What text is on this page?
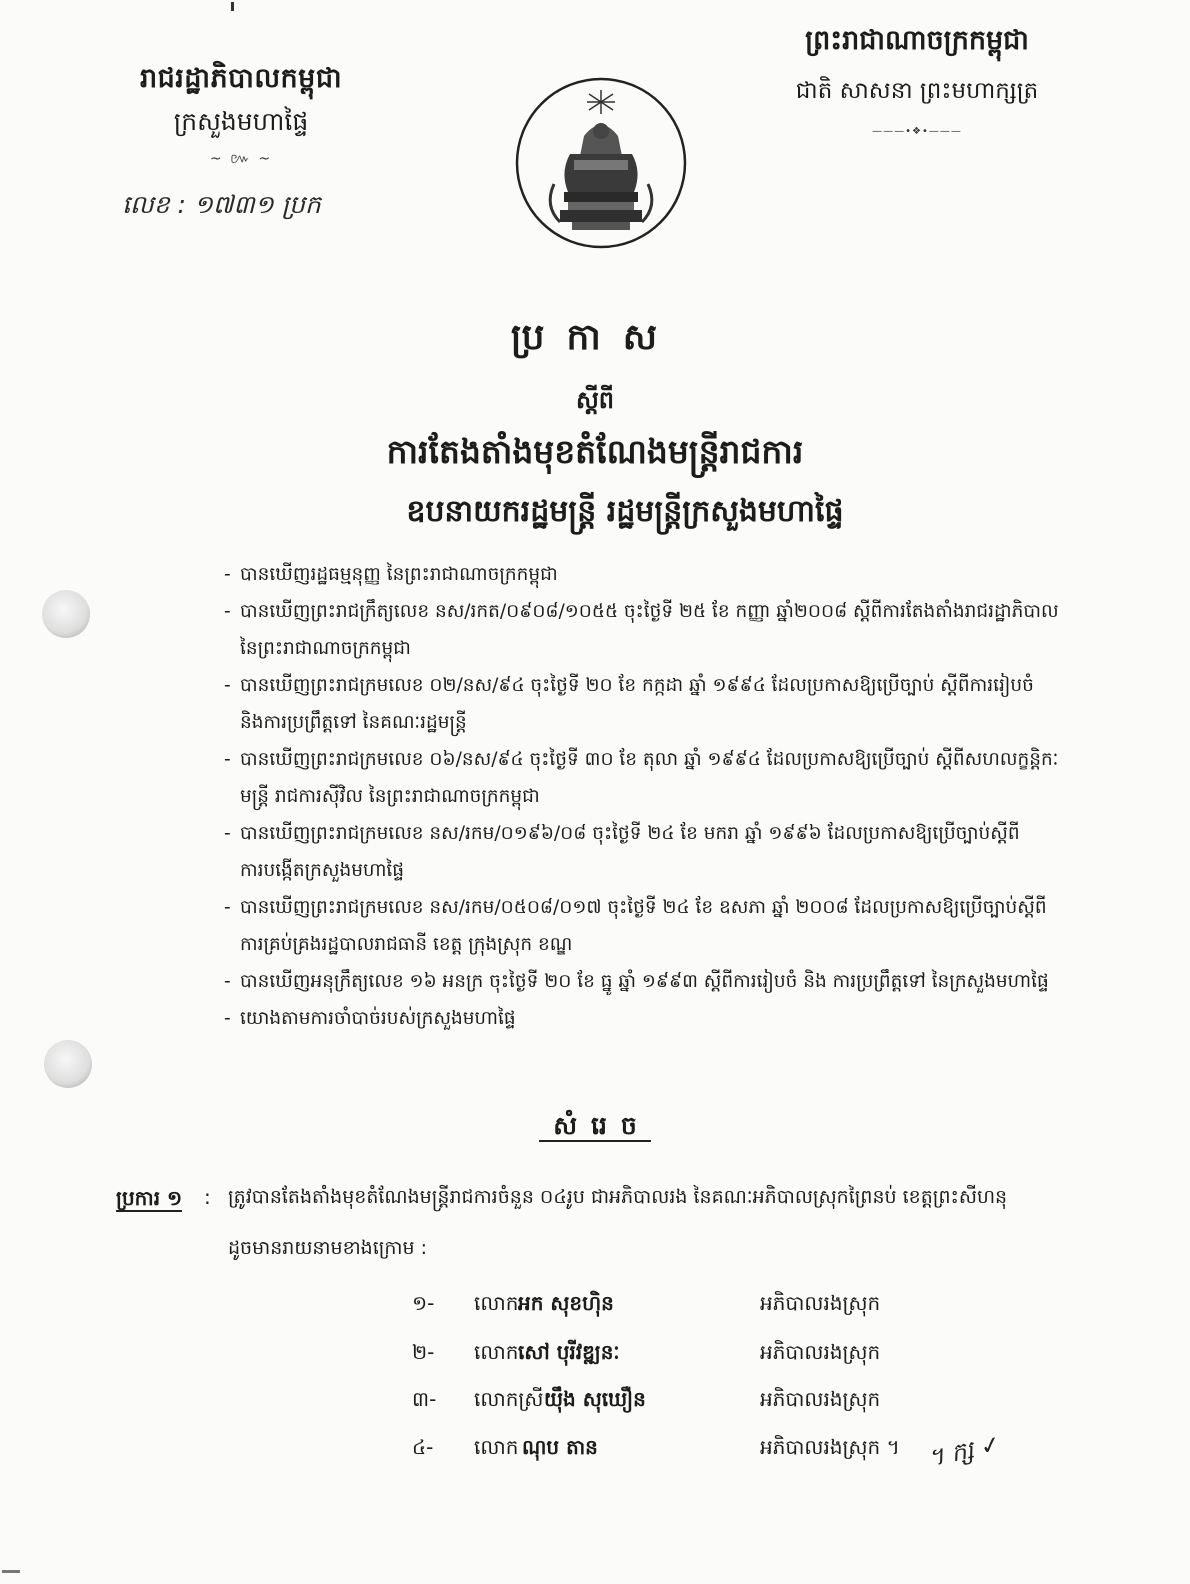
រាជរដ្ឋាភិបាលកម្ពុជា
ក្រសួងមហាផ្ទៃ
~ ៚ ~
លេខ : ១៧៣១ ប្រក
ព្រះរាជាណាចក្រកម្ពុជា
ជាតិ សាសនា ព្រះមហាក្សត្រ
———•❖•———
ប្រកាស
ស្ដីពី
ការតែងតាំងមុខតំណែងមន្ត្រីរាជការ
ឧបនាយករដ្ឋមន្ត្រី រដ្ឋមន្ត្រីក្រសួងមហាផ្ទៃ
- បានឃើញរដ្ឋធម្មនុញ្ញ នៃព្រះរាជាណាចក្រកម្ពុជា
- បានឃើញព្រះរាជក្រឹត្យលេខ នស/រកត/០៩០៨/១០៥៥ ចុះថ្ងៃទី ២៥ ខែ កញ្ញា ឆ្នាំ២០០៨ ស្ដីពីការតែងតាំងរាជរដ្ឋាភិបាល
នៃព្រះរាជាណាចក្រកម្ពុជា
- បានឃើញព្រះរាជក្រមលេខ ០២/នស/៩៤ ចុះថ្ងៃទី ២០ ខែ កក្កដា ឆ្នាំ ១៩៩៤ ដែលប្រកាសឱ្យប្រើច្បាប់ ស្ដីពីការរៀបចំ
និងការប្រព្រឹត្តទៅ នៃគណៈរដ្ឋមន្ត្រី
- បានឃើញព្រះរាជក្រមលេខ ០៦/នស/៩៤ ចុះថ្ងៃទី ៣០ ខែ តុលា ឆ្នាំ ១៩៩៤ ដែលប្រកាសឱ្យប្រើច្បាប់ ស្ដីពីសហលក្ខន្តិកៈ
មន្ត្រី រាជការស៊ីវិល នៃព្រះរាជាណាចក្រកម្ពុជា
- បានឃើញព្រះរាជក្រមលេខ នស/រកម/០១៩៦/០៨ ចុះថ្ងៃទី ២៤ ខែ មករា ឆ្នាំ ១៩៩៦ ដែលប្រកាសឱ្យប្រើច្បាប់ស្ដីពី
ការបង្កើតក្រសួងមហាផ្ទៃ
- បានឃើញព្រះរាជក្រមលេខ នស/រកម/០៥០៨/០១៧ ចុះថ្ងៃទី ២៤ ខែ ឧសភា ឆ្នាំ ២០០៨ ដែលប្រកាសឱ្យប្រើច្បាប់ស្ដីពី
ការគ្រប់គ្រងរដ្ឋបាលរាជធានី ខេត្ត ក្រុងស្រុក ខណ្ឌ
- បានឃើញអនុក្រឹត្យលេខ ១៦ អនក្រ ចុះថ្ងៃទី ២០ ខែ ធ្នូ ឆ្នាំ ១៩៩៣ ស្ដីពីការរៀបចំ និង ការប្រព្រឹត្តទៅ នៃក្រសួងមហាផ្ទៃ
- យោងតាមការចាំបាច់របស់ក្រសួងមហាផ្ទៃ
សំរេច
ប្រការ ១ : ត្រូវបានតែងតាំងមុខតំណែងមន្ត្រីរាជការចំនួន ០៤រូប ជាអភិបាលរង នៃគណៈអភិបាលស្រុកព្រៃនប់ ខេត្តព្រះសីហនុ
ដូចមានរាយនាមខាងក្រោម :
១- លោក អក សុខហ៊ិន	អភិបាលរងស្រុក
២- លោក សៅ បុរីវឌ្ឍនៈ	អភិបាលរងស្រុក
៣- លោកស្រី យ៉ឹង សុឃឿន	អភិបាលរងស្រុក
៤- លោក ណុប តាន	អភិបាលរងស្រុក ។ ។ ក្ស ✓
